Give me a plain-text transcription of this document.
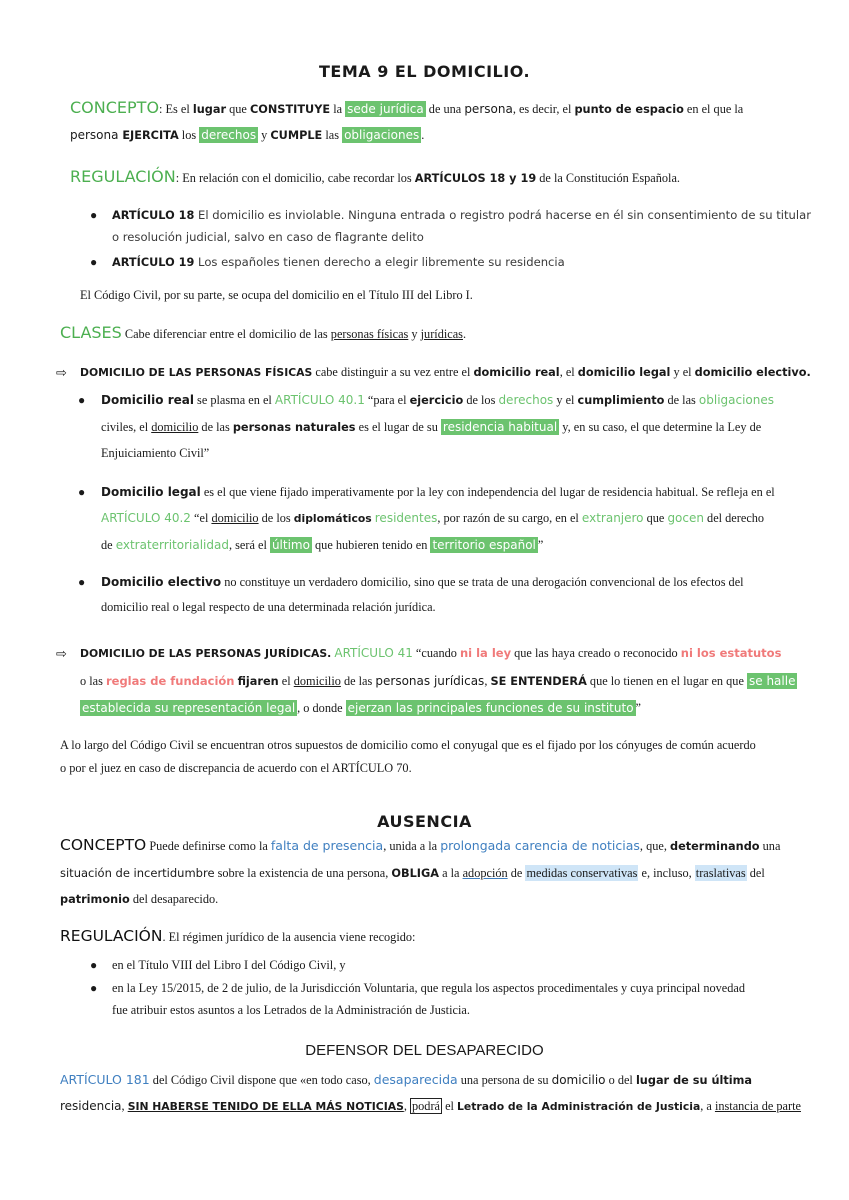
TEMA 9 EL DOMICILIO.
CONCEPTO: Es el lugar que CONSTITUYE la sede jurídica de una persona, es decir, el punto de espacio en el que la
persona EJERCITA los derechos y CUMPLE las obligaciones .
REGULACIÓN: En relación con el domicilio, cabe recordar los ARTÍCULOS 18 y 19 de la Constitución Española.
● ARTÍCULO 18 El domicilio es inviolable. Ninguna entrada o registro podrá hacerse en él sin consentimiento de su titular
o resolución judicial, salvo en caso de flagrante delito
● ARTÍCULO 19 Los españoles tienen derecho a elegir libremente su residencia
El Código Civil, por su parte, se ocupa del domicilio en el Título III del Libro I.
CLASES Cabe diferenciar entre el domicilio de las personas físicas y jurídicas.
⇨ DOMICILIO DE LAS PERSONAS FÍSICAS cabe distinguir a su vez entre el domicilio real, el domicilio legal y el domicilio electivo.
● Domicilio real se plasma en el ARTÍCULO 40.1 “para el ejercicio de los derechos y el cumplimiento de las obligaciones
civiles, el domicilio de las personas naturales es el lugar de su residencia habitual y, en su caso, el que determine la Ley de
Enjuiciamiento Civil”
● Domicilio legal es el que viene fijado imperativamente por la ley con independencia del lugar de residencia habitual. Se refleja en el
ARTÍCULO 40.2 “el domicilio de los diplomáticos residentes, por razón de su cargo, en el extranjero que gocen del derecho
de extraterritorialidad, será el último que hubieren tenido en territorio español ”
● Domicilio electivo no constituye un verdadero domicilio, sino que se trata de una derogación convencional de los efectos del
domicilio real o legal respecto de una determinada relación jurídica.
⇨ DOMICILIO DE LAS PERSONAS JURÍDICAS. ARTÍCULO 41 “cuando ni la ley que las haya creado o reconocido ni los estatutos
o las reglas de fundación fijaren el domicilio de las personas jurídicas, SE ENTENDERÁ que lo tienen en el lugar en que se halle
establecida su representación legal , o donde ejerzan las principales funciones de su instituto ”
A lo largo del Código Civil se encuentran otros supuestos de domicilio como el conyugal que es el fijado por los cónyuges de común acuerdo
o por el juez en caso de discrepancia de acuerdo con el ARTÍCULO 70.
AUSENCIA
CONCEPTO Puede definirse como la falta de presencia, unida a la prolongada carencia de noticias, que, determinando una
situación de incertidumbre sobre la existencia de una persona, OBLIGA a la adopción de medidas conservativas e, incluso, traslativas del
patrimonio del desaparecido.
REGULACIÓN. El régimen jurídico de la ausencia viene recogido:
● en el Título VIII del Libro I del Código Civil, y
● en la Ley 15/2015, de 2 de julio, de la Jurisdicción Voluntaria, que regula los aspectos procedimentales y cuya principal novedad
fue atribuir estos asuntos a los Letrados de la Administración de Justicia.
DEFENSOR DEL DESAPARECIDO
ARTÍCULO 181 del Código Civil dispone que «en todo caso, desaparecida una persona de su domicilio o del lugar de su última
residencia, SIN HABERSE TENIDO DE ELLA MÁS NOTICIAS, podrá el Letrado de la Administración de Justicia, a instancia de parte
